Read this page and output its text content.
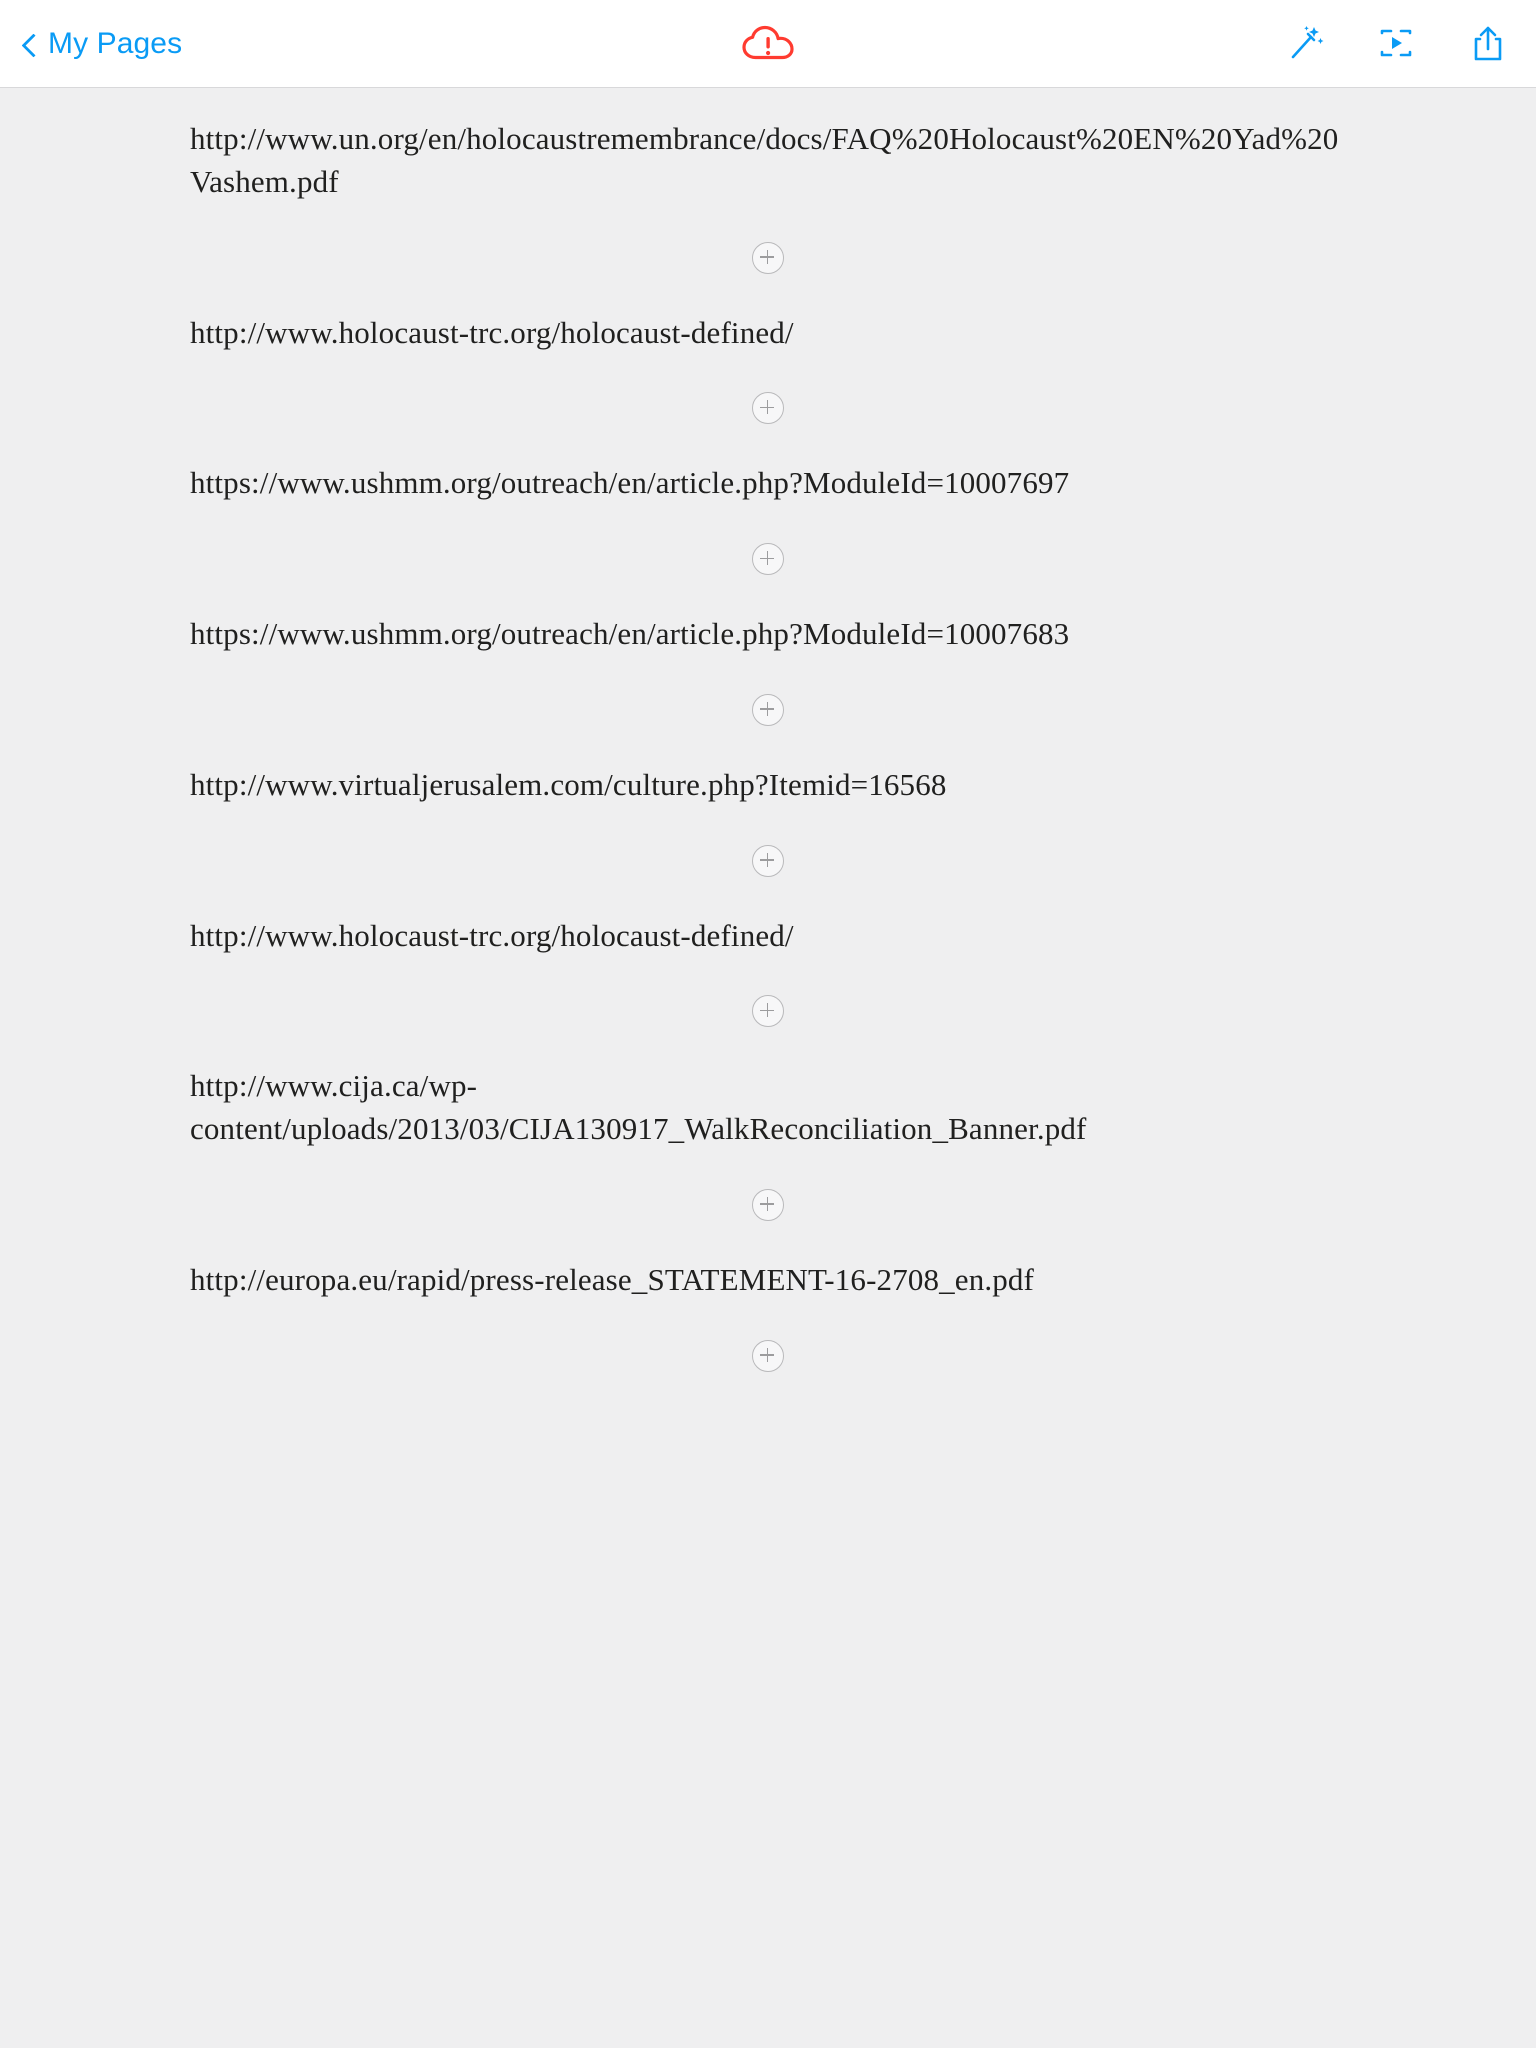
My Pages
http://www.un.org/en/holocaustremembrance/docs/FAQ%20Holocaust%20EN%20Yad%20Vashem.pdf
http://www.holocaust-trc.org/holocaust-defined/
https://www.ushmm.org/outreach/en/article.php?ModuleId=10007697
https://www.ushmm.org/outreach/en/article.php?ModuleId=10007683
http://www.virtualjerusalem.com/culture.php?Itemid=16568
http://www.holocaust-trc.org/holocaust-defined/
http://www.cija.ca/wp-content/uploads/2013/03/CIJA130917_WalkReconciliation_Banner.pdf
http://europa.eu/rapid/press-release_STATEMENT-16-2708_en.pdf
